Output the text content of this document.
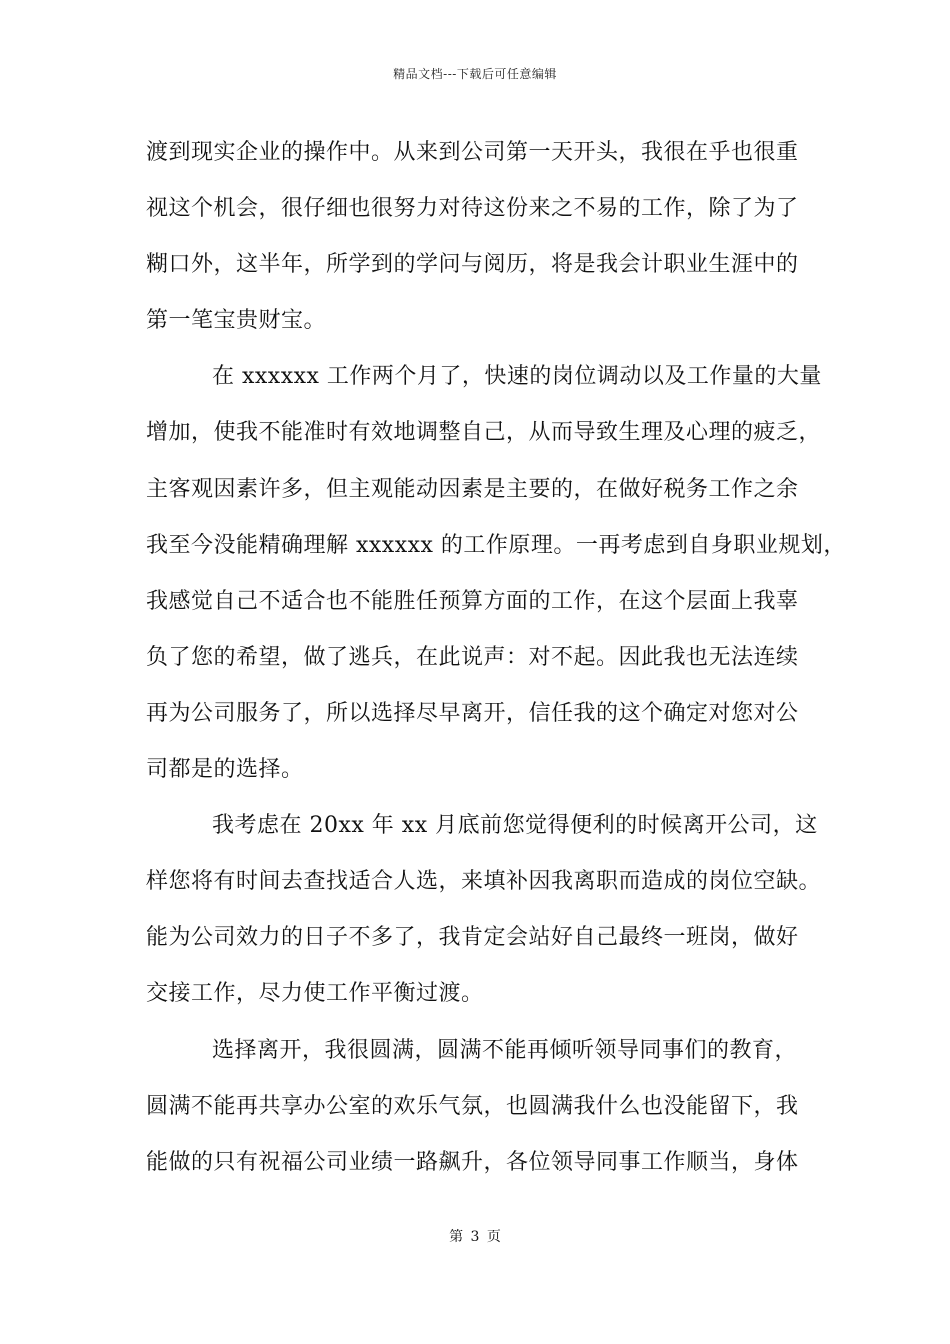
精品文档---下载后可任意编辑
渡到现实企业的操作中。从来到公司第一天开头，我很在乎也很重
视这个机会，很仔细也很努力对待这份来之不易的工作，除了为了
糊口外，这半年，所学到的学问与阅历，将是我会计职业生涯中的
第一笔宝贵财宝。
在 xxxxxx 工作两个月了，快速的岗位调动以及工作量的大量
增加，使我不能准时有效地调整自己，从而导致生理及心理的疲乏，
主客观因素许多，但主观能动因素是主要的，在做好税务工作之余
我至今没能精确理解 xxxxxx 的工作原理。一再考虑到自身职业规划，
我感觉自己不适合也不能胜任预算方面的工作，在这个层面上我辜
负了您的希望，做了逃兵，在此说声：对不起。因此我也无法连续
再为公司服务了，所以选择尽早离开，信任我的这个确定对您对公
司都是的选择。
我考虑在 20xx 年 xx 月底前您觉得便利的时候离开公司，这
样您将有时间去查找适合人选，来填补因我离职而造成的岗位空缺。
能为公司效力的日子不多了，我肯定会站好自己最终一班岗，做好
交接工作，尽力使工作平衡过渡。
选择离开，我很圆满，圆满不能再倾听领导同事们的教育，
圆满不能再共享办公室的欢乐气氛，也圆满我什么也没能留下，我
能做的只有祝福公司业绩一路飙升，各位领导同事工作顺当，身体
第 3 页
